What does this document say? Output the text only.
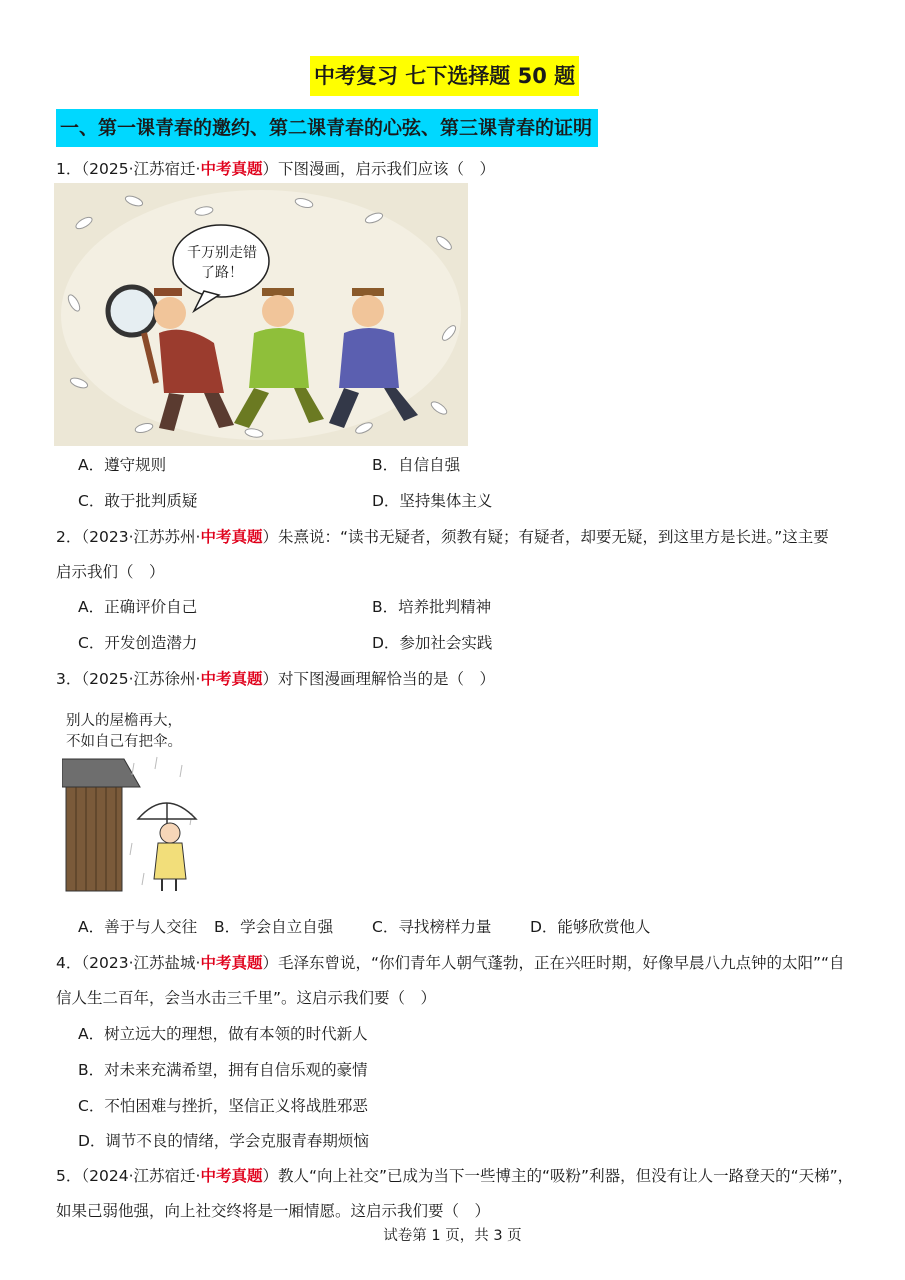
中考复习 七下选择题 50 题
一、第一课青春的邀约、第二课青春的心弦、第三课青春的证明
1．（2025·江苏宿迁·中考真题）下图漫画，启示我们应该（　）
千万别走错了路！
A．遵守规则	B．自信自强
C．敢于批判质疑	D．坚持集体主义
2．（2023·江苏苏州·中考真题）朱熹说：“读书无疑者，须教有疑；有疑者，却要无疑，到这里方是长进。”这主要
启示我们（　）
A．正确评价自己	B．培养批判精神
C．开发创造潜力	D．参加社会实践
3．（2025·江苏徐州·中考真题）对下图漫画理解恰当的是（　）
别人的屋檐再大，
不如自己有把伞。
A．善于与人交往 B．学会自立自强	C．寻找榜样力量 D．能够欣赏他人
4．（2023·江苏盐城·中考真题）毛泽东曾说，“你们青年人朝气蓬勃，正在兴旺时期，好像早晨八九点钟的太阳”“自
信人生二百年，会当水击三千里”。这启示我们要（　）
A．树立远大的理想，做有本领的时代新人
B．对未来充满希望，拥有自信乐观的豪情
C．不怕困难与挫折，坚信正义将战胜邪恶
D．调节不良的情绪，学会克服青春期烦恼
5．（2024·江苏宿迁·中考真题）教人“向上社交”已成为当下一些博主的“吸粉”利器，但没有让人一路登天的“天梯”，
如果己弱他强，向上社交终将是一厢情愿。这启示我们要（　）
试卷第 1 页，共 3 页
